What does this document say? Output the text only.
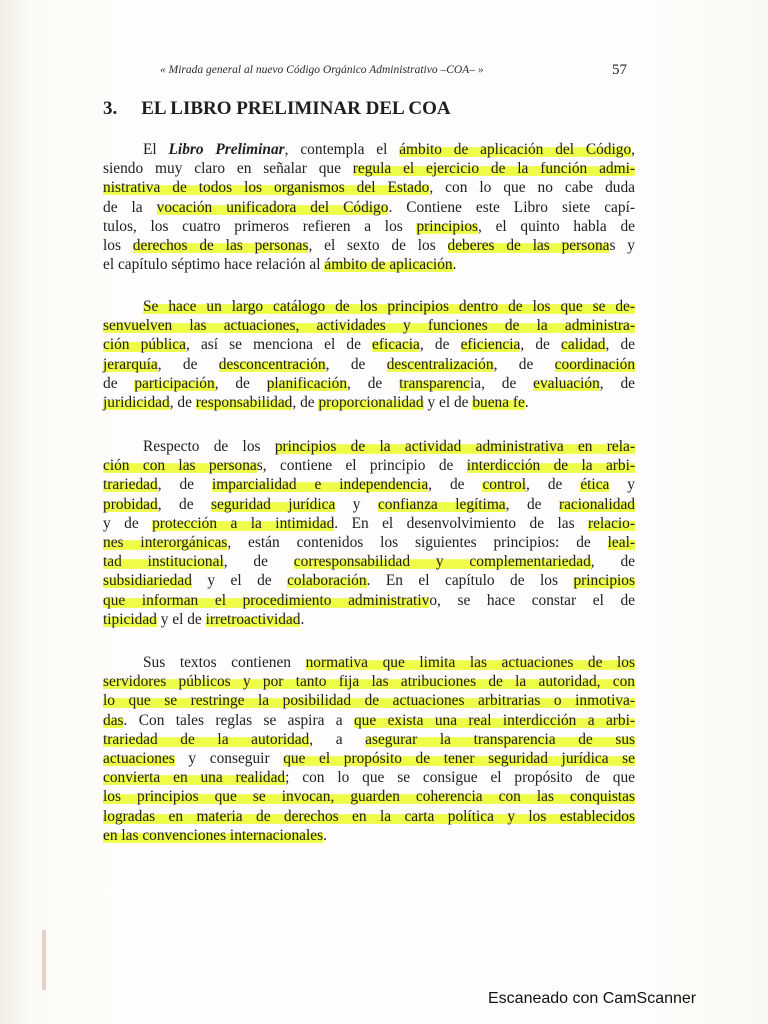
« Mirada general al nuevo Código Orgánico Administrativo –COA– »	57
3. EL LIBRO PRELIMINAR DEL COA
El Libro Preliminar, contempla el ámbito de aplicación del Código,
siendo muy claro en señalar que regula el ejercicio de la función admi-
nistrativa de todos los organismos del Estado, con lo que no cabe duda
de la vocación unificadora del Código. Contiene este Libro siete capí-
tulos, los cuatro primeros refieren a los principios, el quinto habla de
los derechos de las personas, el sexto de los deberes de las personas y
el capítulo séptimo hace relación al ámbito de aplicación.
Se hace un largo catálogo de los principios dentro de los que se de-
senvuelven las actuaciones, actividades y funciones de la administra-
ción pública, así se menciona el de eficacia, de eficiencia, de calidad, de
jerarquía, de desconcentración, de descentralización, de coordinación
de participación, de planificación, de transparencia, de evaluación, de
juridicidad, de responsabilidad, de proporcionalidad y el de buena fe.
Respecto de los principios de la actividad administrativa en rela-
ción con las personas, contiene el principio de interdicción de la arbi-
trariedad, de imparcialidad e independencia, de control, de ética y
probidad, de seguridad jurídica y confianza legítima, de racionalidad
y de protección a la intimidad. En el desenvolvimiento de las relacio-
nes interorgánicas, están contenidos los siguientes principios: de leal-
tad institucional, de corresponsabilidad y complementariedad, de
subsidiariedad y el de colaboración. En el capítulo de los principios
que informan el procedimiento administrativo, se hace constar el de
tipicidad y el de irretroactividad.
Sus textos contienen normativa que limita las actuaciones de los
servidores públicos y por tanto fija las atribuciones de la autoridad, con
lo que se restringe la posibilidad de actuaciones arbitrarias o inmotiva-
das. Con tales reglas se aspira a que exista una real interdicción a arbi-
trariedad de la autoridad, a asegurar la transparencia de sus
actuaciones y conseguir que el propósito de tener seguridad jurídica se
convierta en una realidad; con lo que se consigue el propósito de que
los principios que se invocan, guarden coherencia con las conquistas
logradas en materia de derechos en la carta política y los establecidos
en las convenciones internacionales.
Escaneado con CamScanner
